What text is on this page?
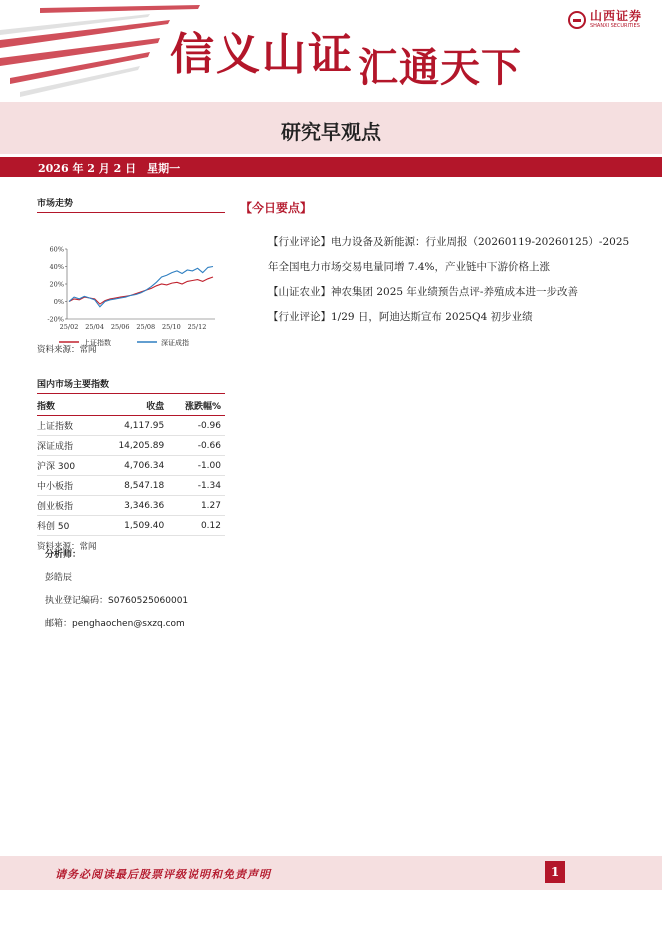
信义山证 汇通天下
山西证券
SHANXI SECURITIES
研究早观点
2026 年 2 月 2 日　星期一
市场走势
60%
40%
20%
0%
-20%
25/02 25/04 25/06 25/08 25/10 25/12
上证指数	深证成指
资料来源：常闻
国内市场主要指数
指数	收盘	涨跌幅%
上证指数	4,117.95	-0.96
深证成指	14,205.89	-0.66
沪深 300	4,706.34	-1.00
中小板指	8,547.18	-1.34
创业板指	3,346.36	1.27
科创 50	1,509.40	0.12
资料来源：常闻
分析师：
彭皓辰
执业登记编码：S0760525060001
邮箱：penghaochen@sxzq.com
【今日要点】

【行业评论】电力设备及新能源：行业周报（20260119-20260125）-2025 年全国电力市场交易电量同增 7.4%，产业链中下游价格上涨

【山证农业】神农集团 2025 年业绩预告点评-养殖成本进一步改善

【行业评论】1/29 日，阿迪达斯宣布 2025Q4 初步业绩

请务必阅读最后股票评级说明和免责声明	1
